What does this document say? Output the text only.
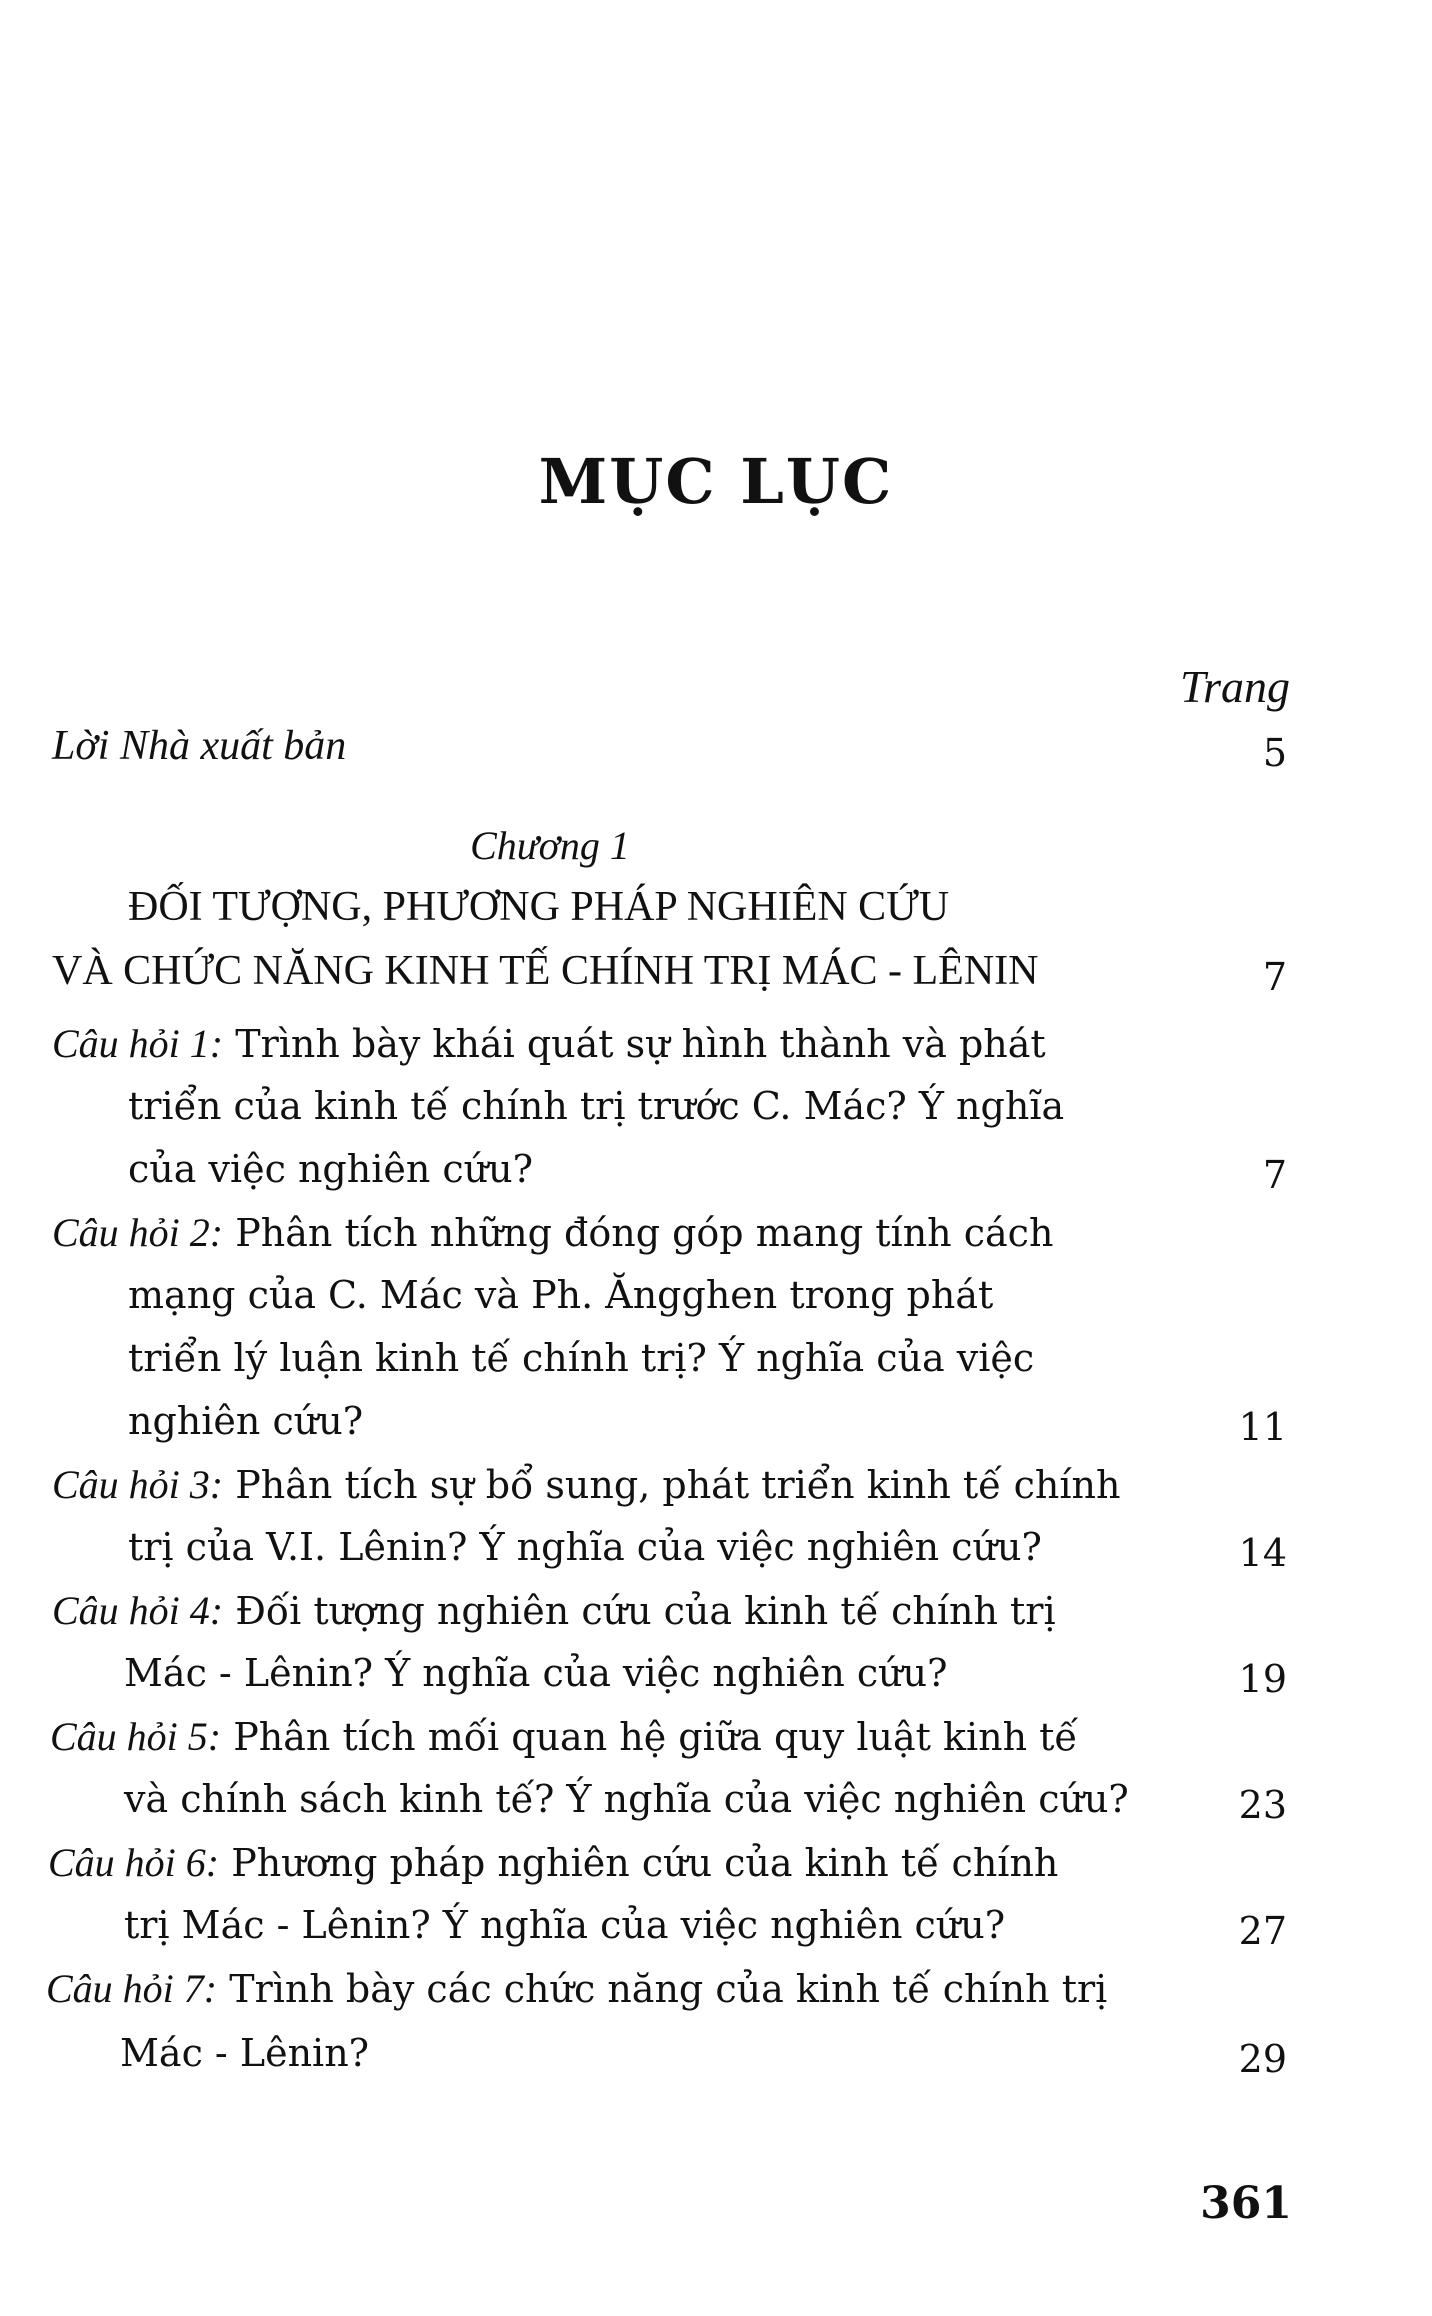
MỤC LỤC
Trang
Lời Nhà xuất bản	5
Chương 1
ĐỐI TƯỢNG, PHƯƠNG PHÁP NGHIÊN CỨU
VÀ CHỨC NĂNG KINH TẾ CHÍNH TRỊ MÁC - LÊNIN	7
Câu hỏi 1: Trình bày khái quát sự hình thành và phát
triển của kinh tế chính trị trước C. Mác? Ý nghĩa
của việc nghiên cứu?	7
Câu hỏi 2: Phân tích những đóng góp mang tính cách
mạng của C. Mác và Ph. Ăngghen trong phát
triển lý luận kinh tế chính trị? Ý nghĩa của việc
nghiên cứu?	11
Câu hỏi 3: Phân tích sự bổ sung, phát triển kinh tế chính
trị của V.I. Lênin? Ý nghĩa của việc nghiên cứu?	14
Câu hỏi 4: Đối tượng nghiên cứu của kinh tế chính trị
Mác - Lênin? Ý nghĩa của việc nghiên cứu?	19
Câu hỏi 5: Phân tích mối quan hệ giữa quy luật kinh tế
và chính sách kinh tế? Ý nghĩa của việc nghiên cứu?	23
Câu hỏi 6: Phương pháp nghiên cứu của kinh tế chính
trị Mác - Lênin? Ý nghĩa của việc nghiên cứu?	27
Câu hỏi 7: Trình bày các chức năng của kinh tế chính trị
Mác - Lênin?	29
361
